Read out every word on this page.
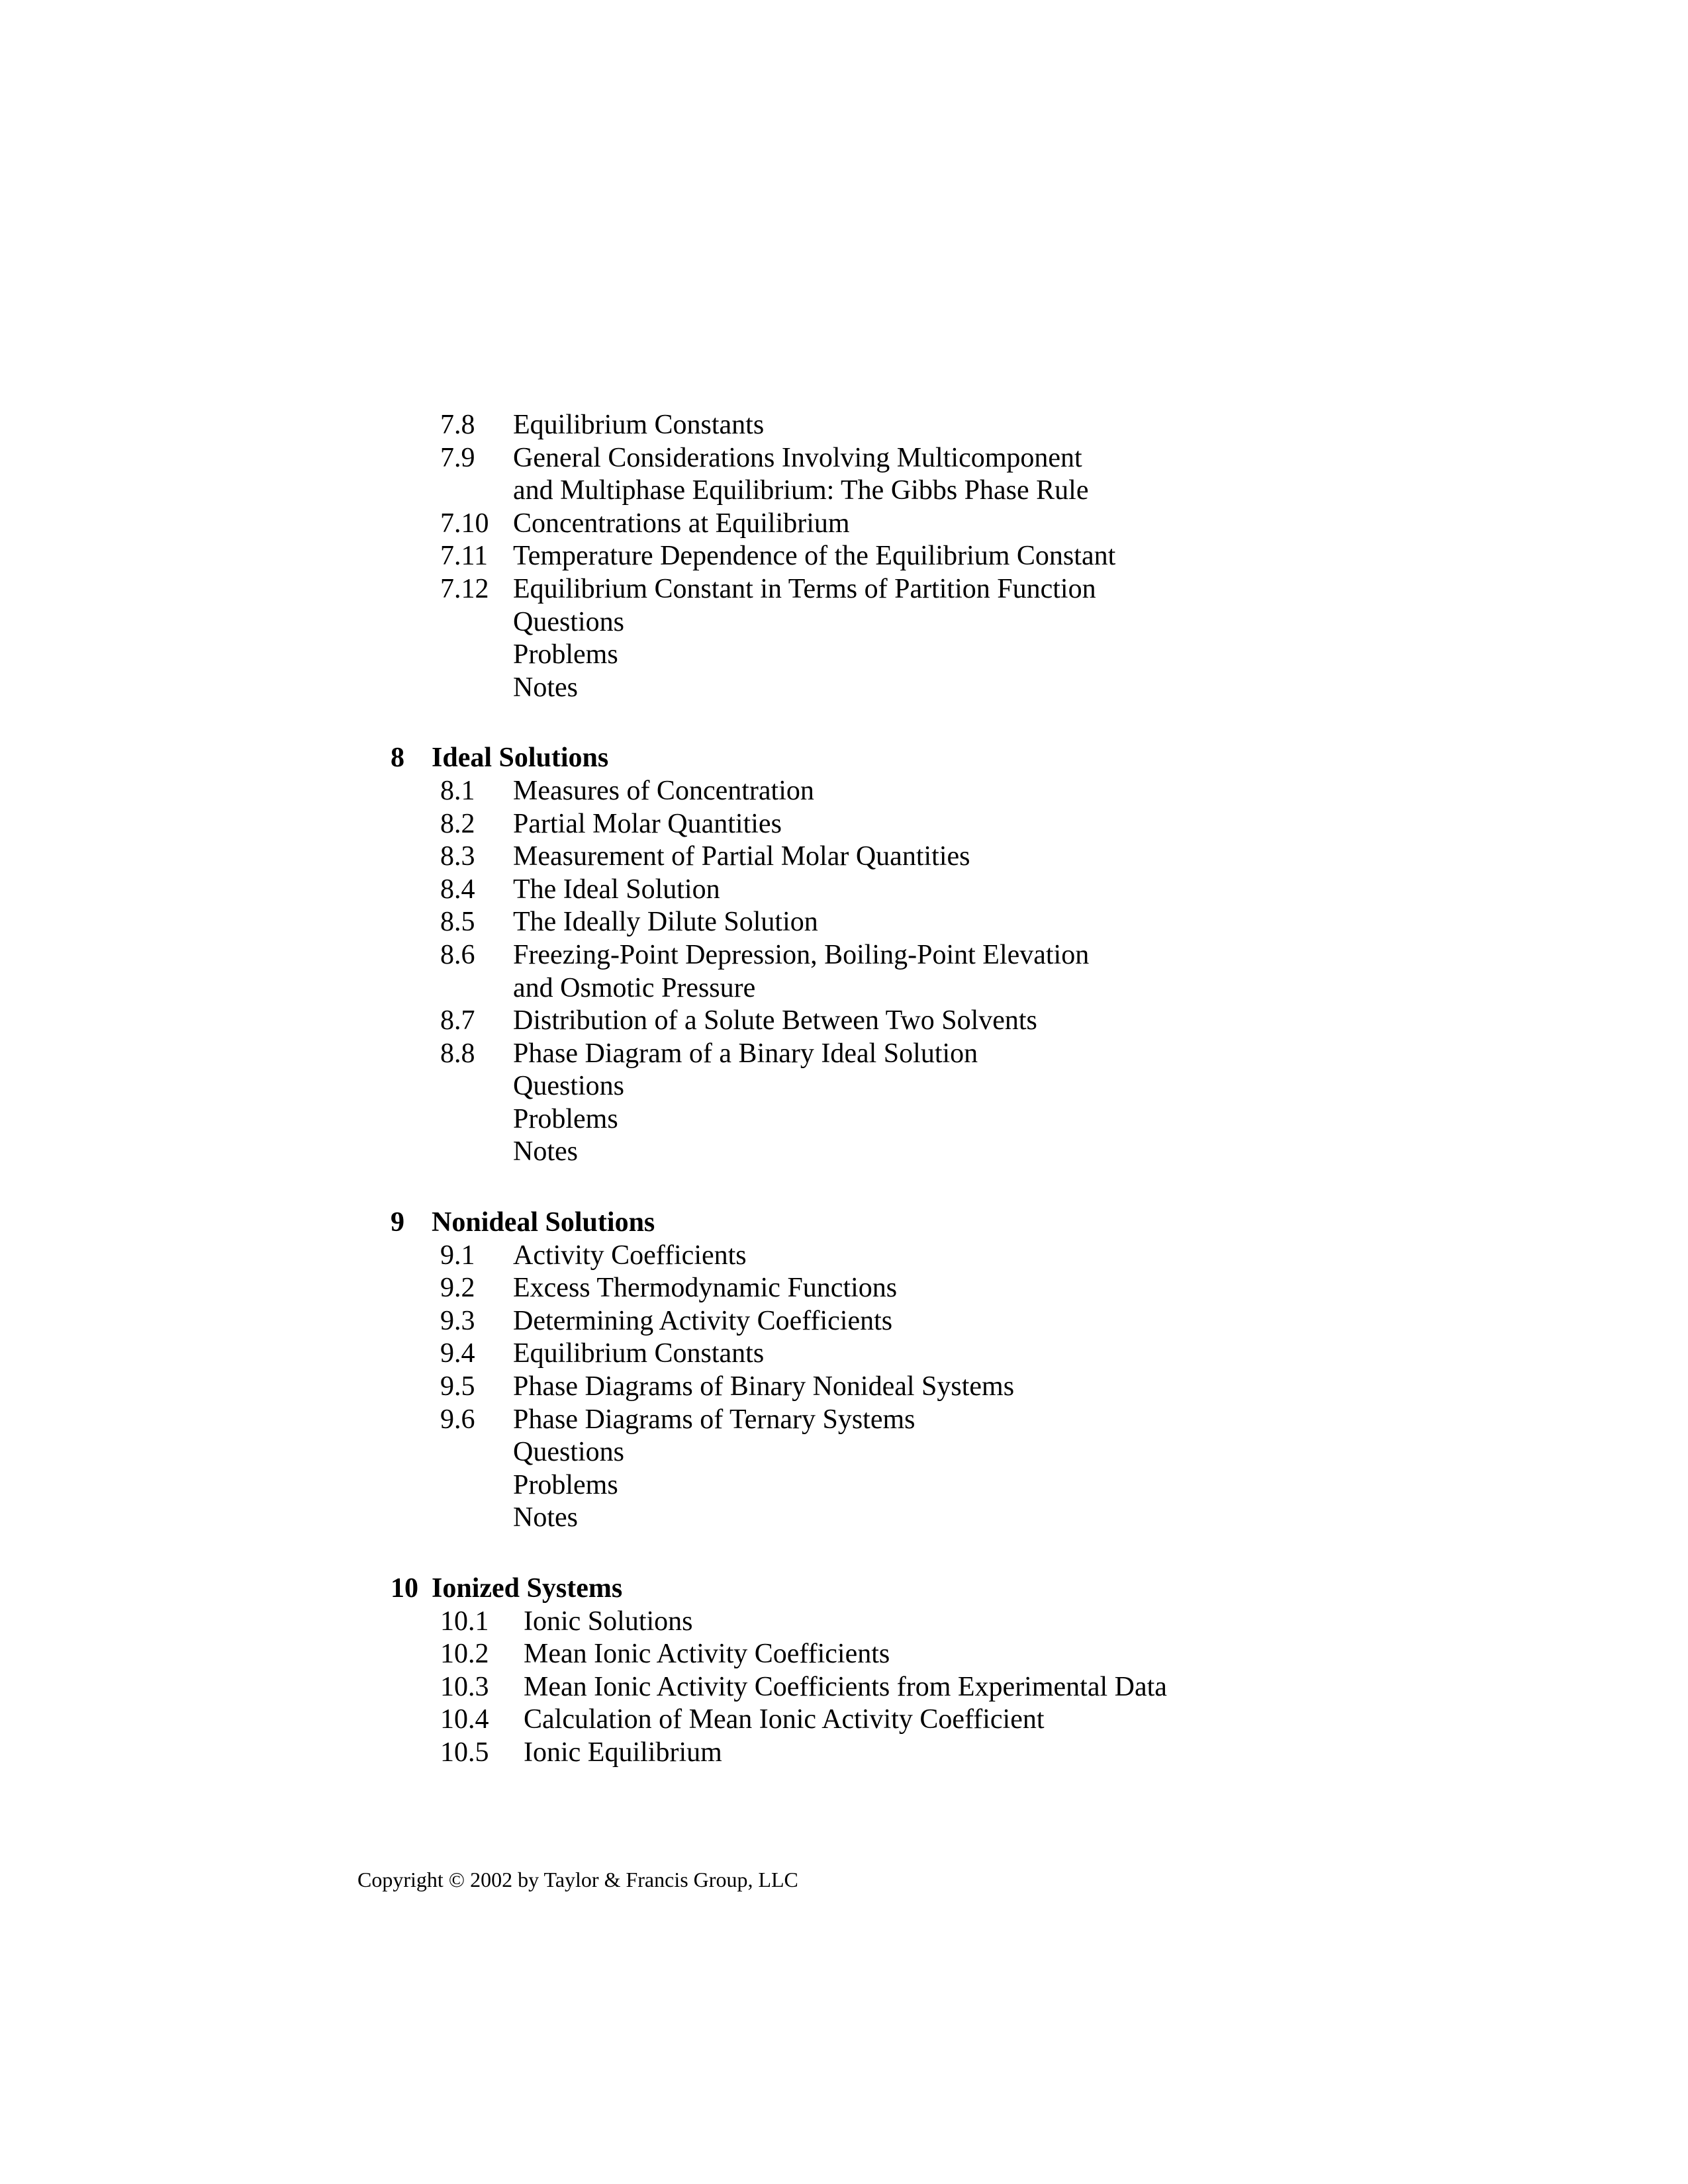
7.8	Equilibrium Constants
7.9	General Considerations Involving Multicomponent and Multiphase Equilibrium: The Gibbs Phase Rule
7.10 Concentrations at Equilibrium
7.11 Temperature Dependence of the Equilibrium Constant
7.12 Equilibrium Constant in Terms of Partition Function
Questions
Problems
Notes
8 Ideal Solutions
8.1	Measures of Concentration
8.2	Partial Molar Quantities
8.3	Measurement of Partial Molar Quantities
8.4	The Ideal Solution
8.5	The Ideally Dilute Solution
8.6	Freezing-Point Depression, Boiling-Point Elevation and Osmotic Pressure
8.7	Distribution of a Solute Between Two Solvents
8.8	Phase Diagram of a Binary Ideal Solution
Questions
Problems
Notes
9 Nonideal Solutions
9.1	Activity Coefficients
9.2	Excess Thermodynamic Functions
9.3	Determining Activity Coefficients
9.4	Equilibrium Constants
9.5	Phase Diagrams of Binary Nonideal Systems
9.6	Phase Diagrams of Ternary Systems
Questions
Problems
Notes
10 Ionized Systems
10.1	Ionic Solutions
10.2	Mean Ionic Activity Coefficients
10.3	Mean Ionic Activity Coefficients from Experimental Data
10.4	Calculation of Mean Ionic Activity Coefficient
10.5	Ionic Equilibrium
Copyright © 2002 by Taylor & Francis Group, LLC
